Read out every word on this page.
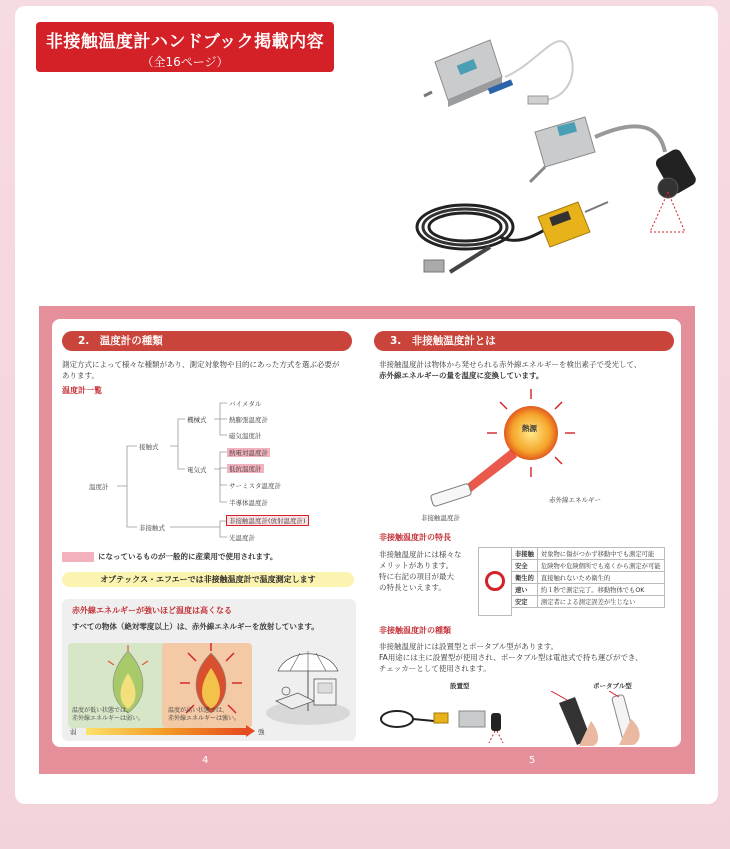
非接触温度計ハンドブック掲載内容
（全16ページ）
2.　温度計の種類
測定方式によって様々な種類があり、測定対象物や目的にあった方式を選ぶ必要が
あります。
温度計一覧
温度計
接触式
非接触式
機械式
電気式
バイメタル
熱膨張温度計
磁気温度計
熱電対温度計
低抗温度計
サーミスタ温度計
半導体温度計
非接触温度計(放射温度計)
光温度計
になっているものが一般的に産業用で使用されます。
オプテックス・エフエーでは非接触温度計で温度測定します
赤外線エネルギーが強いほど温度は高くなる
すべての物体（絶対零度以上）は、赤外線エネルギーを放射しています。
温度が低い状態では、
赤外線エネルギーは弱い。
温度が高い状態では、
赤外線エネルギーは強い。
弱	強
3.　非接触温度計とは
非接触温度計は物体から発せられる赤外線エネルギーを検出素子で受光して、
赤外線エネルギーの量を温度に変換しています。
熱源
赤外線エネルギー
非接触温度計
非接触温度計の特長
非接触温度計には様々な
メリットがあります。
特に右記の項目が最大
の特長といえます。
非接触	対象物に傷がつかず移動中でも測定可能
安全	危険物や危険個所でも遠くから測定が可能
衛生的	直接触れないため衛生的
速い	約１秒で測定完了。移動物体でもOK
安定	測定者による測定誤差が生じない
非接触温度計の種類
非接触温度計には設置型とポータブル型があります。
FA用途には主に設置型が使用され、ポータブル型は電池式で持ち運びができ、
チェッカーとして使用されます。
設置型	ポータブル型
4	5
